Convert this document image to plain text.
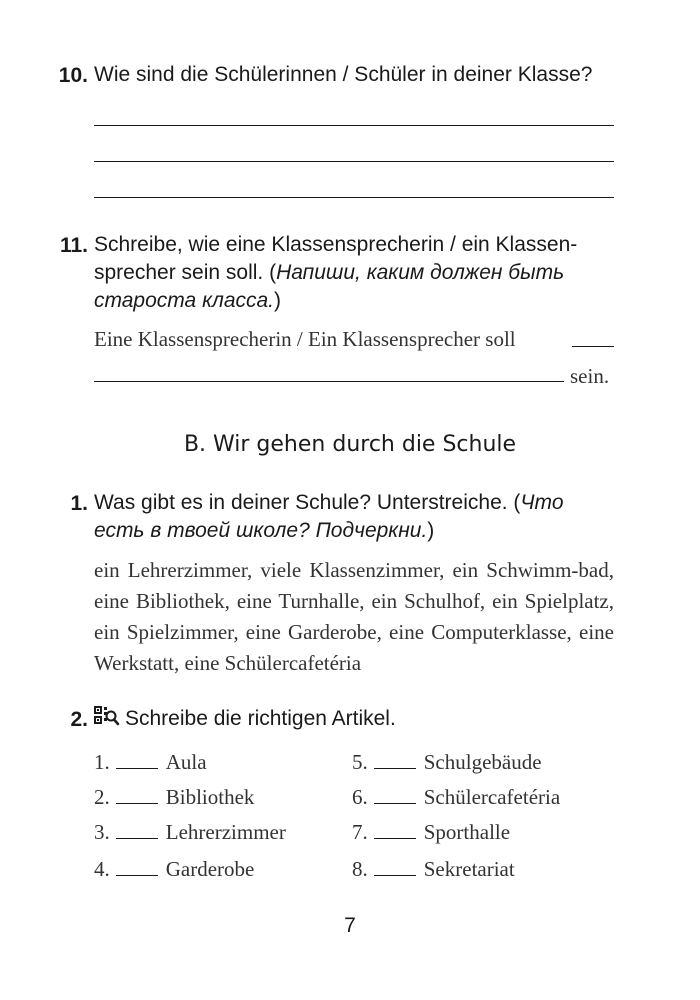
10. Wie sind die Schülerinnen / Schüler in deiner Klasse?
11. Schreibe, wie eine Klassensprecherin / ein Klassen-
sprecher sein soll. (Напиши, каким должен быть
староста класса.)
Eine Klassensprecherin / Ein Klassensprecher soll
sein.
B. Wir gehen durch die Schule
1. Was gibt es in deiner Schule? Unterstreiche. (Что
есть в твоей школе? Подчеркни.)
ein Lehrerzimmer, viele Klassenzimmer, ein Schwimm-bad, eine Bibliothek, eine Turnhalle, ein Schulhof, ein Spielplatz, ein Spielzimmer, eine Garderobe, eine Computerklasse, eine Werkstatt, eine Schülercafetéria
2. Schreibe die richtigen Artikel.
1.	Aula
2.	Bibliothek
3.	Lehrerzimmer
4.	Garderobe
5.	Schulgebäude
6.	Schülercafetéria
7.	Sporthalle
8.	Sekretariat
7
